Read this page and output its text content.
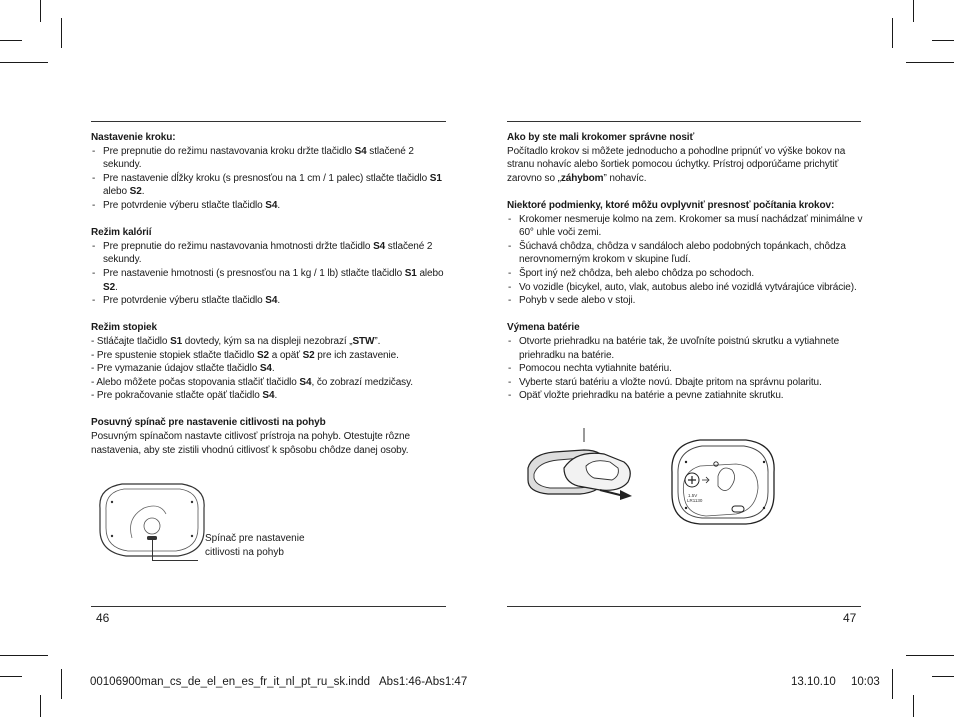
Nastavenie kroku:
- Pre prepnutie do režimu nastavovania kroku držte tlačidlo S4 stlačené 2 sekundy.
- Pre nastavenie dĺžky kroku (s presnosťou na 1 cm / 1 palec) stlačte tlačidlo S1 alebo S2.
- Pre potvrdenie výberu stlačte tlačidlo S4.
Režim kalórií
- Pre prepnutie do režimu nastavovania hmotnosti držte tlačidlo S4 stlačené 2 sekundy.
- Pre nastavenie hmotnosti (s presnosťou na 1 kg / 1 lb) stlačte tlačidlo S1 alebo S2.
- Pre potvrdenie výberu stlačte tlačidlo S4.
Režim stopiek
- Stláčajte tlačidlo S1 dovtedy, kým sa na displeji nezobrazí „STW”.
- Pre spustenie stopiek stlačte tlačidlo S2 a opäť S2 pre ich zastavenie.
- Pre vymazanie údajov stlačte tlačidlo S4.
- Alebo môžete počas stopovania stlačiť tlačidlo S4, čo zobrazí medzičasy.
- Pre pokračovanie stlačte opäť tlačidlo S4.
Posuvný spínač pre nastavenie citlivosti na pohyb

Posuvným spínačom nastavte citlivosť prístroja na pohyb. Otestujte rôzne nastavenia, aby ste zistili vhodnú citlivosť k spôsobu chôdze danej osoby.

Spínač pre nastavenie
citlivosti na pohyb
46
Ako by ste mali krokomer správne nosiť

Počítadlo krokov si môžete jednoducho a pohodlne pripnúť vo výške bokov na stranu nohavíc alebo šortiek pomocou úchytky. Prístroj odporúčame prichytiť zarovno so „záhybom” nohavíc.

Niektoré podmienky, ktoré môžu ovplyvniť presnosť počítania krokov:
- Krokomer nesmeruje kolmo na zem. Krokomer sa musí nachádzať minimálne v 60° uhle voči zemi.
- Šúchavá chôdza, chôdza v sandáloch alebo podobných topánkach, chôdza nerovnomerným krokom v skupine ľudí.
- Šport iný než chôdza, beh alebo chôdza po schodoch.
- Vo vozidle (bicykel, auto, vlak, autobus alebo iné vozidlá vytvárajúce vibrácie).
- Pohyb v sede alebo v stoji.
Výmena batérie
- Otvorte priehradku na batérie tak, že uvoľníte poistnú skrutku a vytiahnete priehradku na batérie.
- Pomocou nechta vytiahnite batériu.
- Vyberte starú batériu a vložte novú. Dbajte pritom na správnu polaritu.
- Opäť vložte priehradku na batérie a pevne zatiahnite skrutku.
1.5V
LR1130
47
00106900man_cs_de_el_en_es_fr_it_nl_pt_ru_sk.indd   Abs1:46-Abs1:47	13.10.10 10:03
